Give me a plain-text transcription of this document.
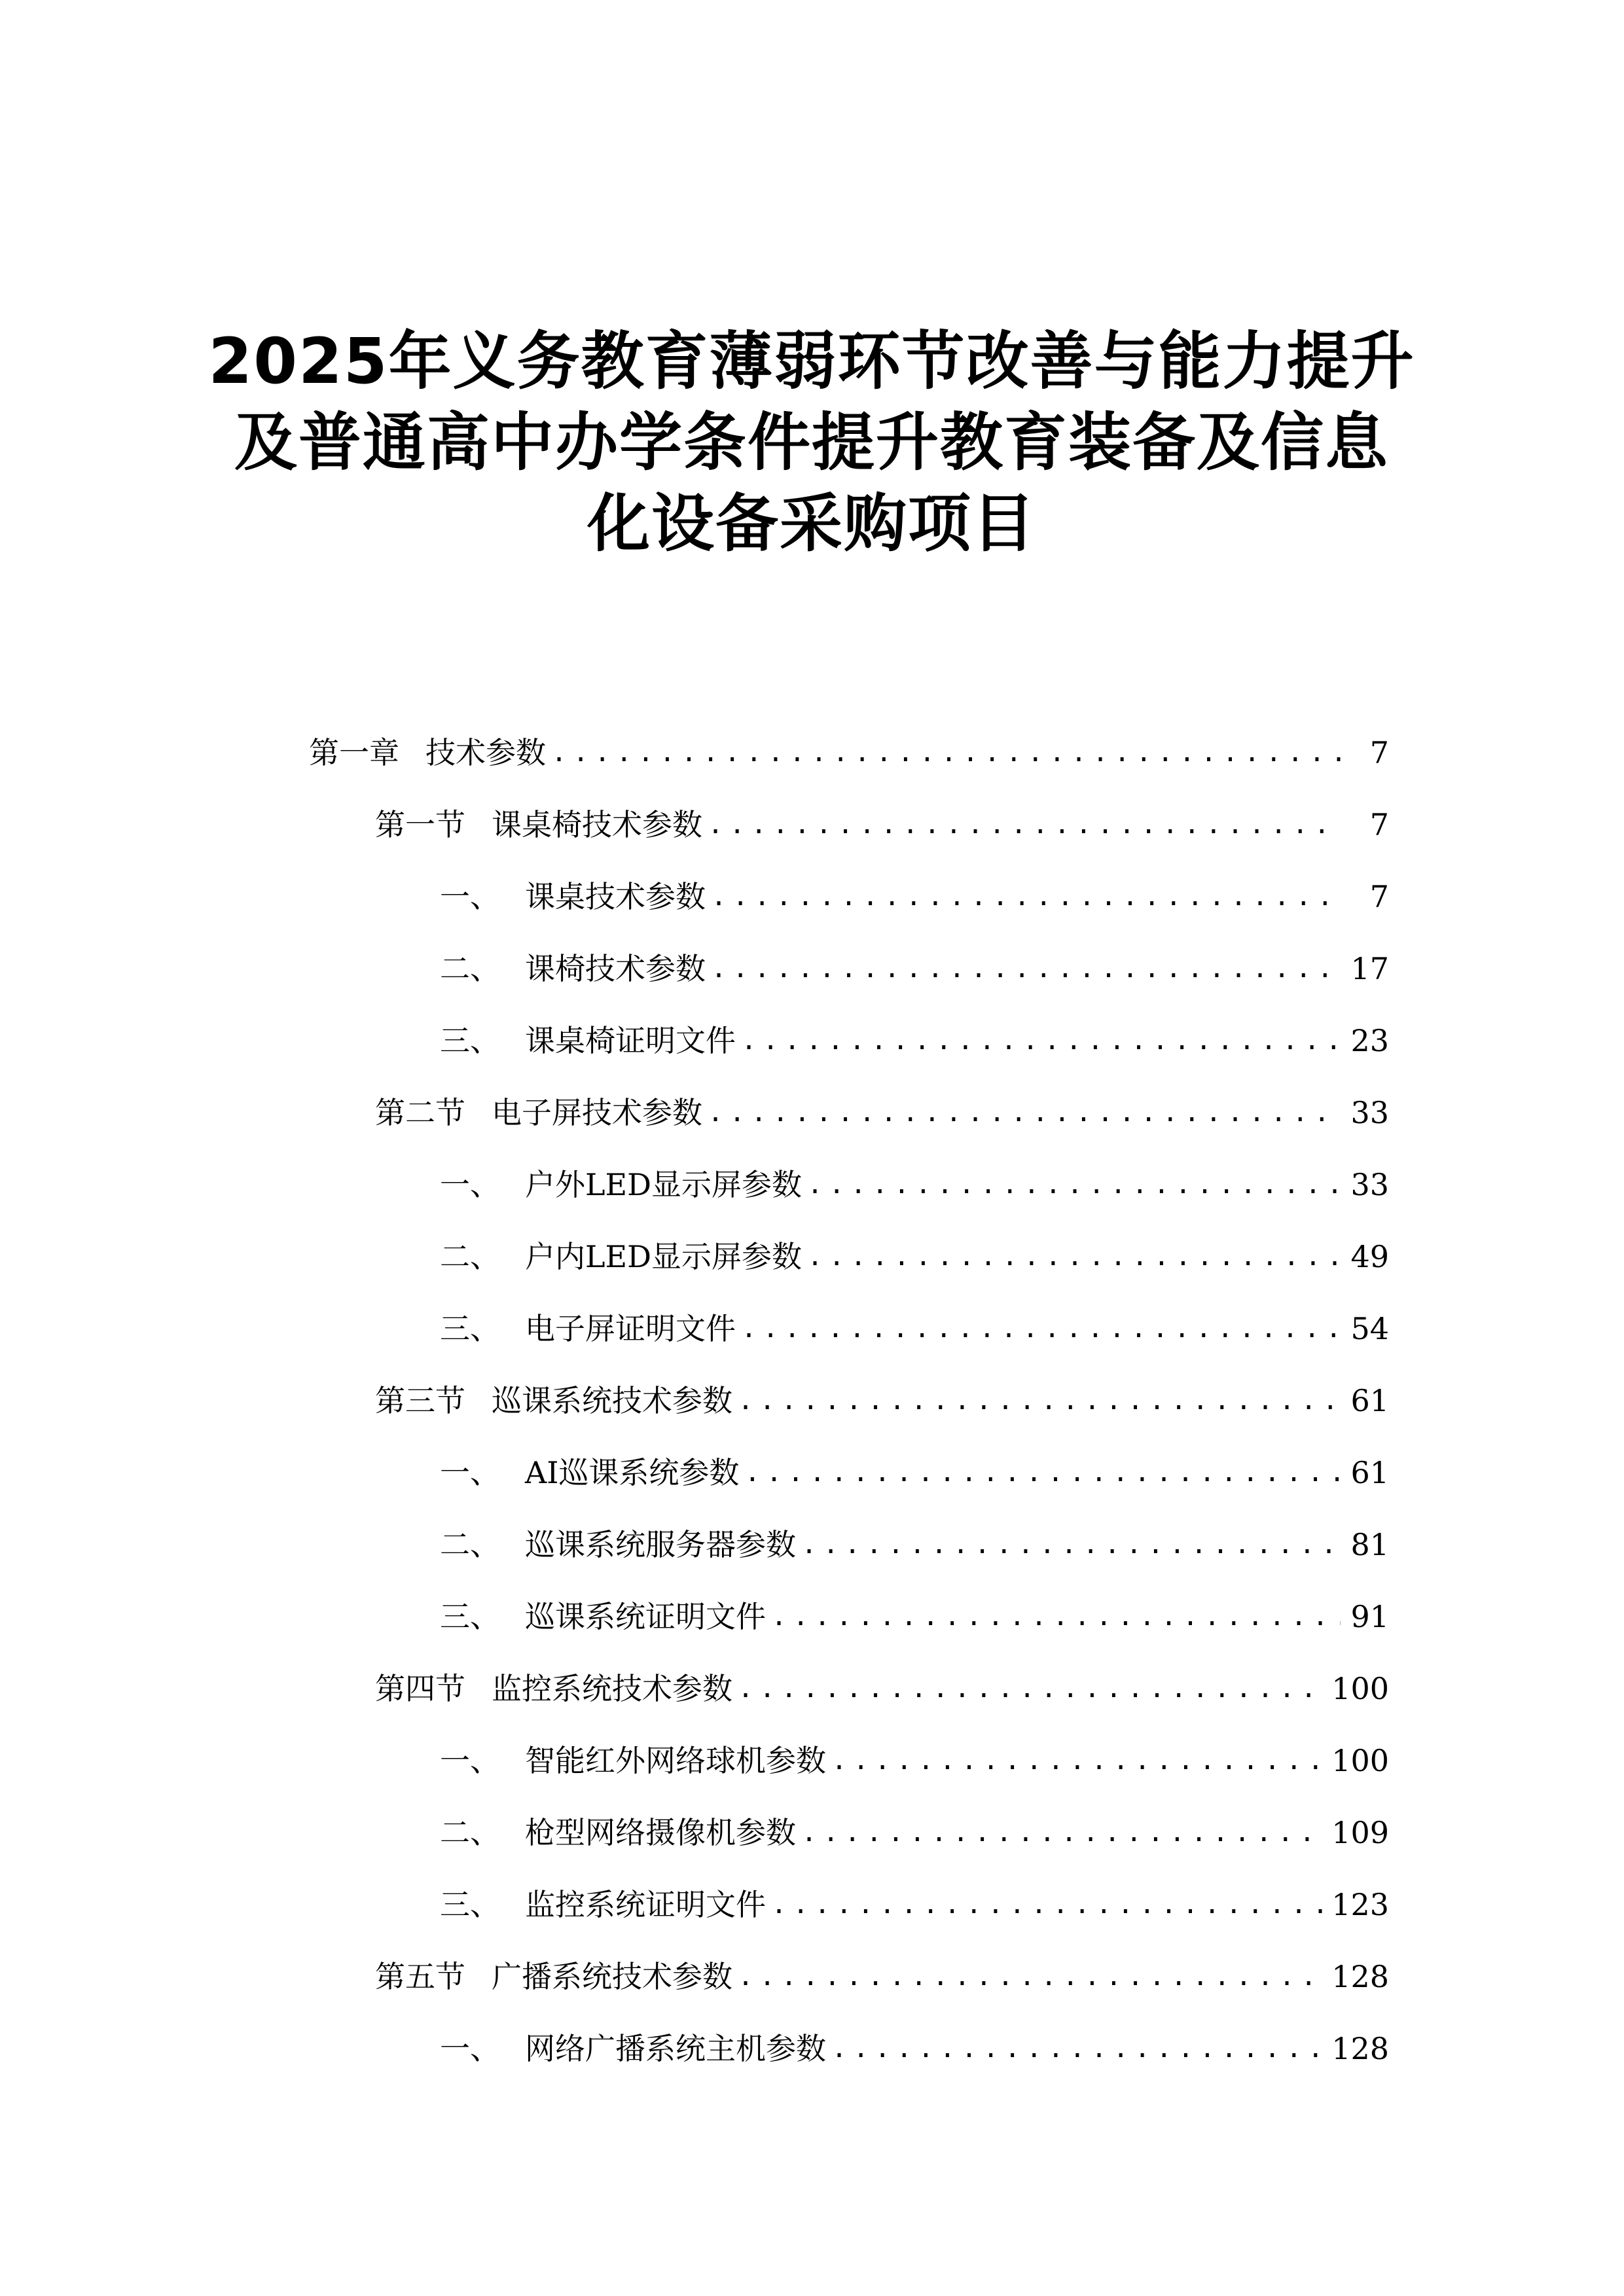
2025年义务教育薄弱环节改善与能力提升
及普通高中办学条件提升教育装备及信息
化设备采购项目
第一章 技术参数 .....	7
第一节 课桌椅技术参数 .....	7
一、 课桌技术参数 .....	7
二、 课椅技术参数 .....	17
三、 课桌椅证明文件 .....	23
第二节 电子屏技术参数 .....	33
一、 户外LED显示屏参数 .....	33
二、 户内LED显示屏参数 .....	49
三、 电子屏证明文件 .....	54
第三节 巡课系统技术参数 .....	61
一、 AI巡课系统参数 .....	61
二、 巡课系统服务器参数 .....	81
三、 巡课系统证明文件 .....	91
第四节 监控系统技术参数 .....	100
一、 智能红外网络球机参数 .....	100
二、 枪型网络摄像机参数 .....	109
三、 监控系统证明文件 .....	123
第五节 广播系统技术参数 .....	128
一、 网络广播系统主机参数 .....	128
